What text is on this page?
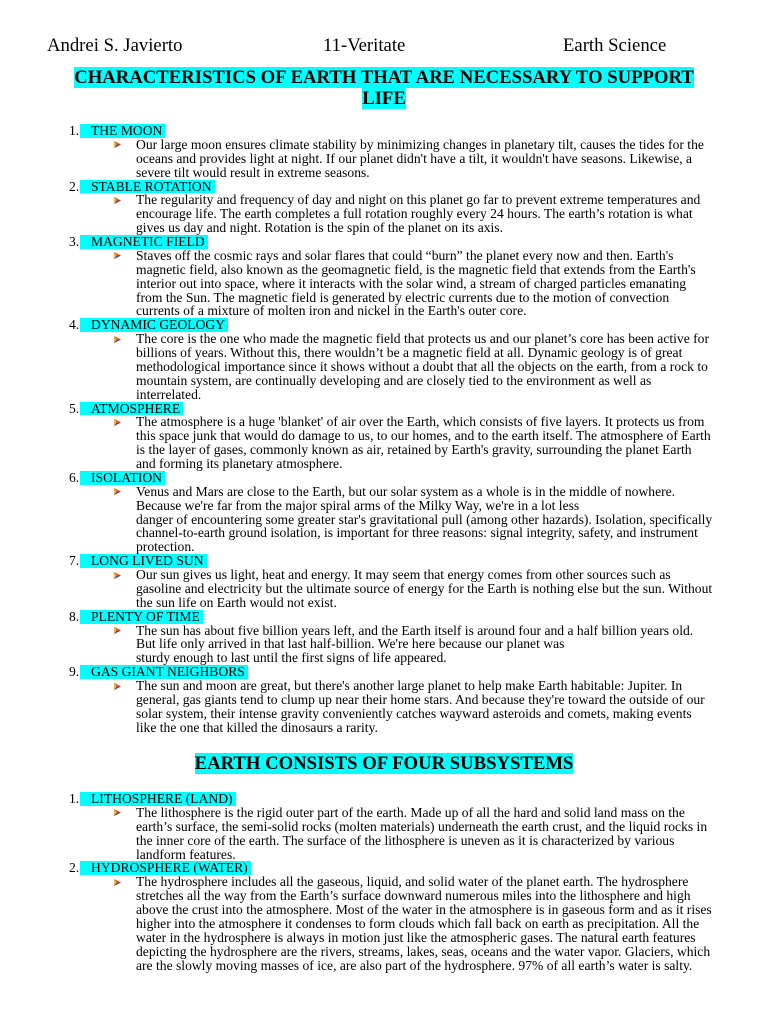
Andrei S. Javierto	11-Veritate	Earth Science
CHARACTERISTICS OF EARTH THAT ARE NECESSARY TO SUPPORT
LIFE
1. THE MOON
Our large moon ensures climate stability by minimizing changes in planetary tilt, causes the tides for the
oceans and provides light at night. If our planet didn't have a tilt, it wouldn't have seasons. Likewise, a
severe tilt would result in extreme seasons.
2. STABLE ROTATION
The regularity and frequency of day and night on this planet go far to prevent extreme temperatures and
encourage life. The earth completes a full rotation roughly every 24 hours. The earth’s rotation is what
gives us day and night. Rotation is the spin of the planet on its axis.
3. MAGNETIC FIELD
Staves off the cosmic rays and solar flares that could “burn” the planet every now and then. Earth's
magnetic field, also known as the geomagnetic field, is the magnetic field that extends from the Earth's
interior out into space, where it interacts with the solar wind, a stream of charged particles emanating
from the Sun. The magnetic field is generated by electric currents due to the motion of convection
currents of a mixture of molten iron and nickel in the Earth's outer core.
4. DYNAMIC GEOLOGY
The core is the one who made the magnetic field that protects us and our planet’s core has been active for
billions of years. Without this, there wouldn’t be a magnetic field at all. Dynamic geology is of great
methodological importance since it shows without a doubt that all the objects on the earth, from a rock to
mountain system, are continually developing and are closely tied to the environment as well as
interrelated.
5. ATMOSPHERE
The atmosphere is a huge 'blanket' of air over the Earth, which consists of five layers. It protects us from
this space junk that would do damage to us, to our homes, and to the earth itself. The atmosphere of Earth
is the layer of gases, commonly known as air, retained by Earth's gravity, surrounding the planet Earth
and forming its planetary atmosphere.
6. ISOLATION
Venus and Mars are close to the Earth, but our solar system as a whole is in the middle of nowhere.
Because we're far from the major spiral arms of the Milky Way, we're in a lot less
danger of encountering some greater star's gravitational pull (among other hazards). Isolation, specifically
channel-to-earth ground isolation, is important for three reasons: signal integrity, safety, and instrument
protection.
7. LONG LIVED SUN
Our sun gives us light, heat and energy. It may seem that energy comes from other sources such as
gasoline and electricity but the ultimate source of energy for the Earth is nothing else but the sun. Without
the sun life on Earth would not exist.
8. PLENTY OF TIME
The sun has about five billion years left, and the Earth itself is around four and a half billion years old.
But life only arrived in that last half-billion. We're here because our planet was
sturdy enough to last until the first signs of life appeared.
9. GAS GIANT NEIGHBORS
The sun and moon are great, but there's another large planet to help make Earth habitable: Jupiter. In
general, gas giants tend to clump up near their home stars. And because they're toward the outside of our
solar system, their intense gravity conveniently catches wayward asteroids and comets, making events
like the one that killed the dinosaurs a rarity.
EARTH CONSISTS OF FOUR SUBSYSTEMS
1. LITHOSPHERE (LAND)
The lithosphere is the rigid outer part of the earth. Made up of all the hard and solid land mass on the
earth’s surface, the semi-solid rocks (molten materials) underneath the earth crust, and the liquid rocks in
the inner core of the earth. The surface of the lithosphere is uneven as it is characterized by various
landform features.
2. HYDROSPHERE (WATER)
The hydrosphere includes all the gaseous, liquid, and solid water of the planet earth. The hydrosphere
stretches all the way from the Earth’s surface downward numerous miles into the lithosphere and high
above the crust into the atmosphere. Most of the water in the atmosphere is in gaseous form and as it rises
higher into the atmosphere it condenses to form clouds which fall back on earth as precipitation. All the
water in the hydrosphere is always in motion just like the atmospheric gases. The natural earth features
depicting the hydrosphere are the rivers, streams, lakes, seas, oceans and the water vapor. Glaciers, which
are the slowly moving masses of ice, are also part of the hydrosphere. 97% of all earth’s water is salty.
